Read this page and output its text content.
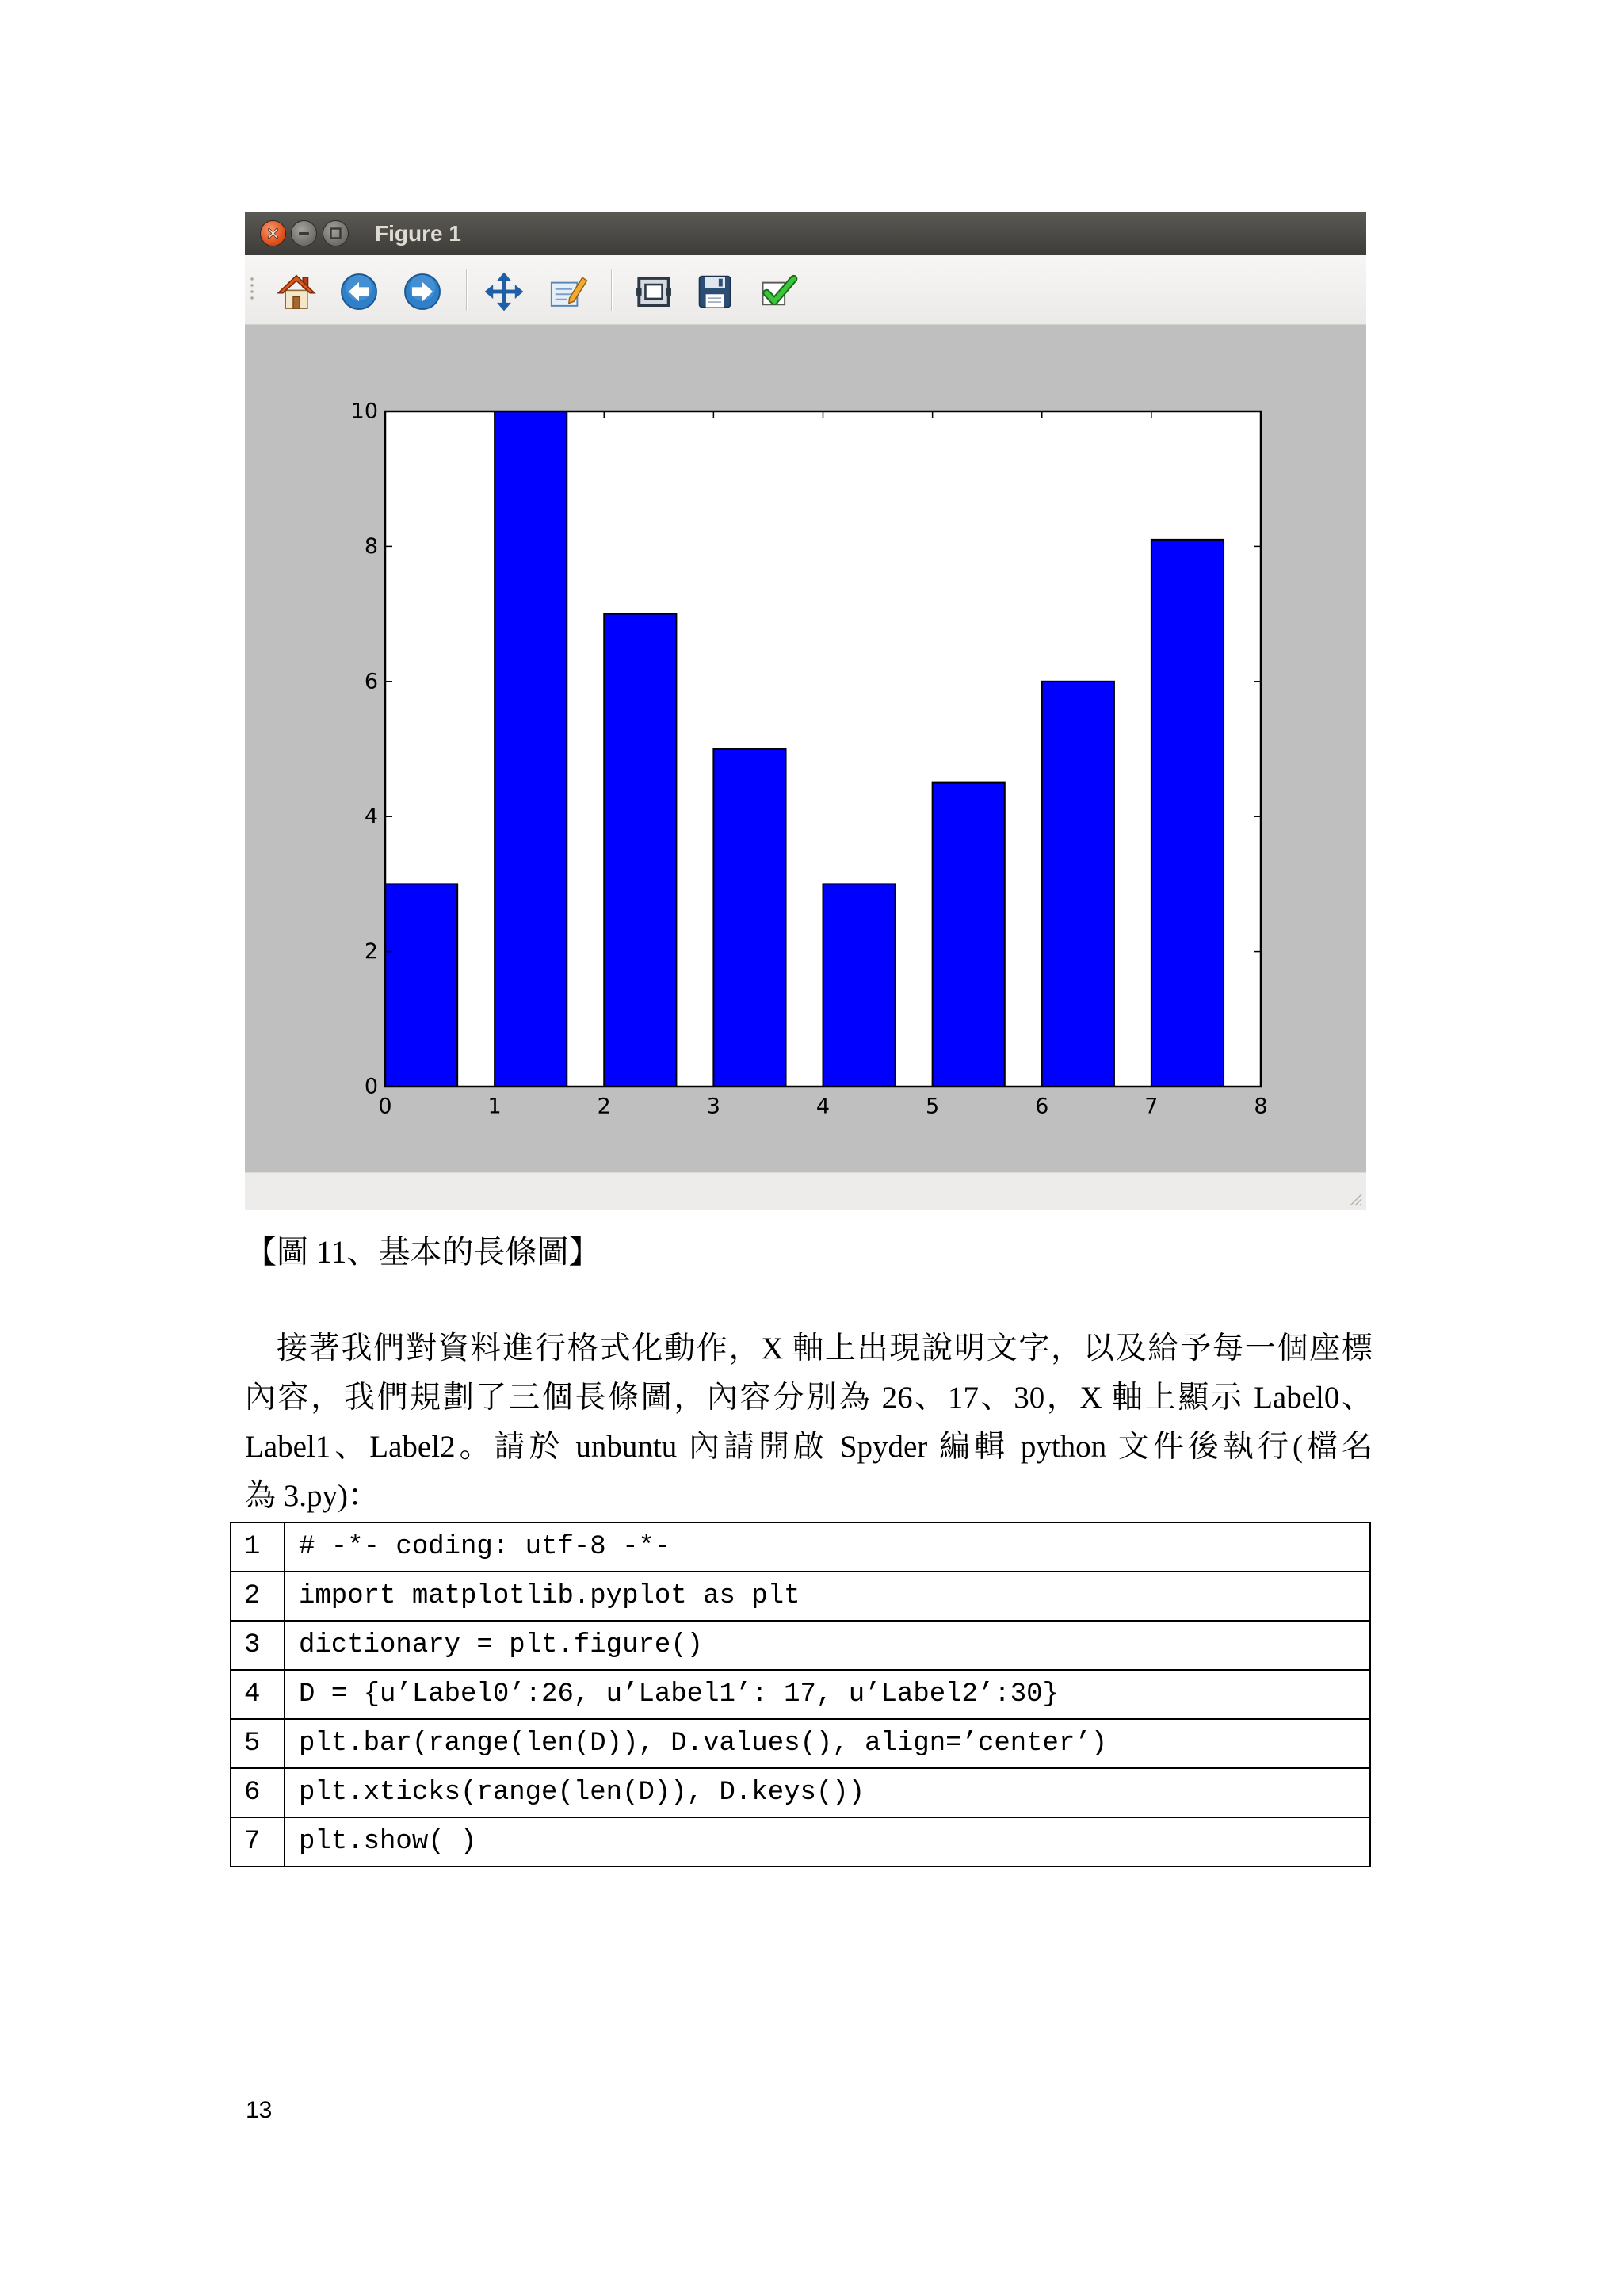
Figure 1
0	1	2	3	4	5	6	7	8
0
2
4
6
8
10
【圖 11、基本的長條圖】
接著我們對資料進行格式化動作，X 軸上出現說明文字，以及給予每一個座標
內容，我們規劃了三個長條圖，內容分別為 26、17、30，X 軸上顯示 Label0、
Label1、Label2。請於 unbuntu 內請開啟 Spyder 編輯 python 文件後執行(檔名
為 3.py)：
1	# -*- coding: utf-8 -*-
2	import matplotlib.pyplot as plt
3	dictionary = plt.figure()
4	D = {u’Label0’:26, u’Label1’: 17, u’Label2’:30}
5	plt.bar(range(len(D)), D.values(), align=’center’)
6	plt.xticks(range(len(D)), D.keys())
7	plt.show( )
13
